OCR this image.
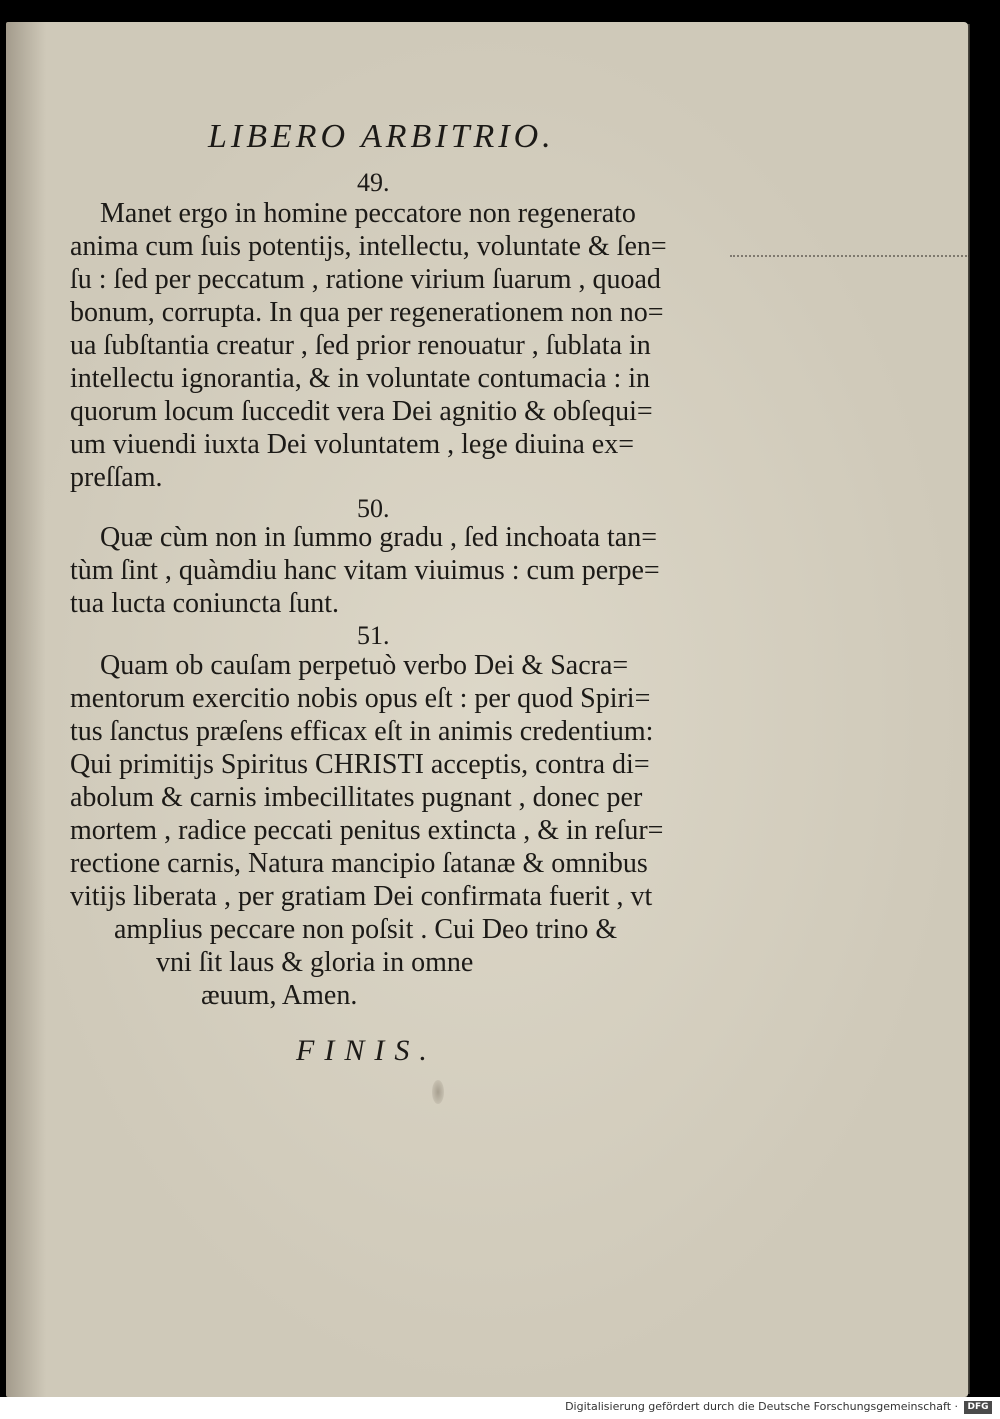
LIBERO ARBITRIO.
49.
Manet ergo in homine peccatore non regenerato
anima cum ſuis potentijs, intellectu, voluntate & ſen=
ſu : ſed per peccatum , ratione virium ſuarum , quoad
bonum, corrupta. In qua per regenerationem non no=
ua ſubſtantia creatur , ſed prior renouatur , ſublata in
intellectu ignorantia, & in voluntate contumacia : in
quorum locum ſuccedit vera Dei agnitio & obſequi=
um viuendi iuxta Dei voluntatem , lege diuina ex=
preſſam.
50.
Quæ cùm non in ſummo gradu , ſed inchoata tan=
tùm ſint , quàmdiu hanc vitam viuimus : cum perpe=
tua lucta coniuncta ſunt.
51.
Quam ob cauſam perpetuò verbo Dei & Sacra=
mentorum exercitio nobis opus eſt : per quod Spiri=
tus ſanctus præſens efficax eſt in animis credentium:
Qui primitijs Spiritus CHRISTI acceptis, contra di=
abolum & carnis imbecillitates pugnant , donec per
mortem , radice peccati penitus extincta , & in reſur=
rectione carnis, Natura mancipio ſatanæ & omnibus
vitijs liberata , per gratiam Dei confirmata fuerit , vt
amplius peccare non poſsit . Cui Deo trino &
vni ſit laus & gloria in omne
æuum, Amen.
FINIS.
Digitalisierung gefördert durch die Deutsche Forschungsgemeinschaft ·	DFG
